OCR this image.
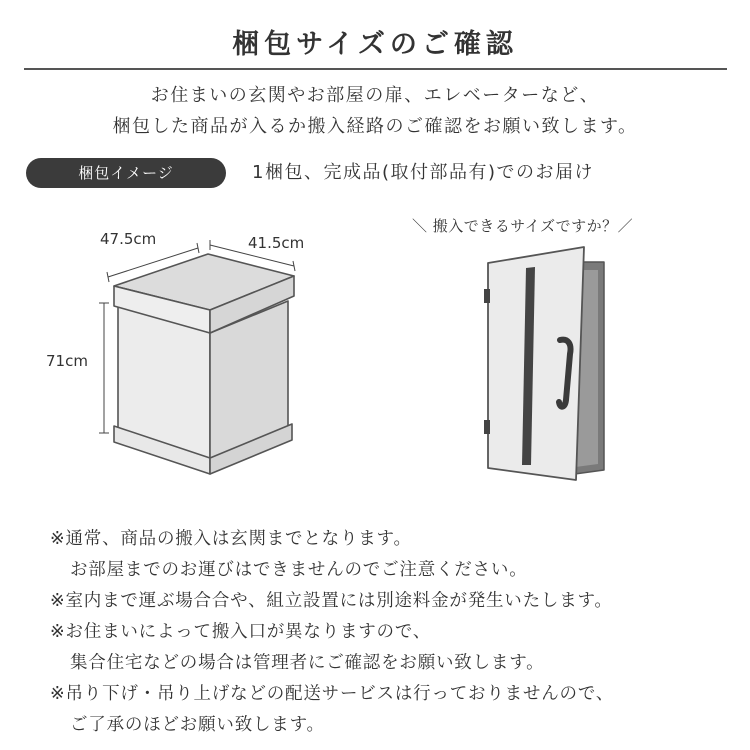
梱包サイズのご確認
お住まいの玄関やお部屋の扉、エレベーターなど、
梱包した商品が入るか搬入経路のご確認をお願い致します。
梱包イメージ	1梱包、完成品(取付部品有)でのお届け
47.5cm	41.5cm
71cm
＼ 搬入できるサイズですか？／
※通常、商品の搬入は玄関までとなります。
お部屋までのお運びはできませんのでご注意ください。
※室内まで運ぶ場合合や、組立設置には別途料金が発生いたします。
※お住まいによって搬入口が異なりますので、
集合住宅などの場合は管理者にご確認をお願い致します。
※吊り下げ・吊り上げなどの配送サービスは行っておりませんので、
ご了承のほどお願い致します。
